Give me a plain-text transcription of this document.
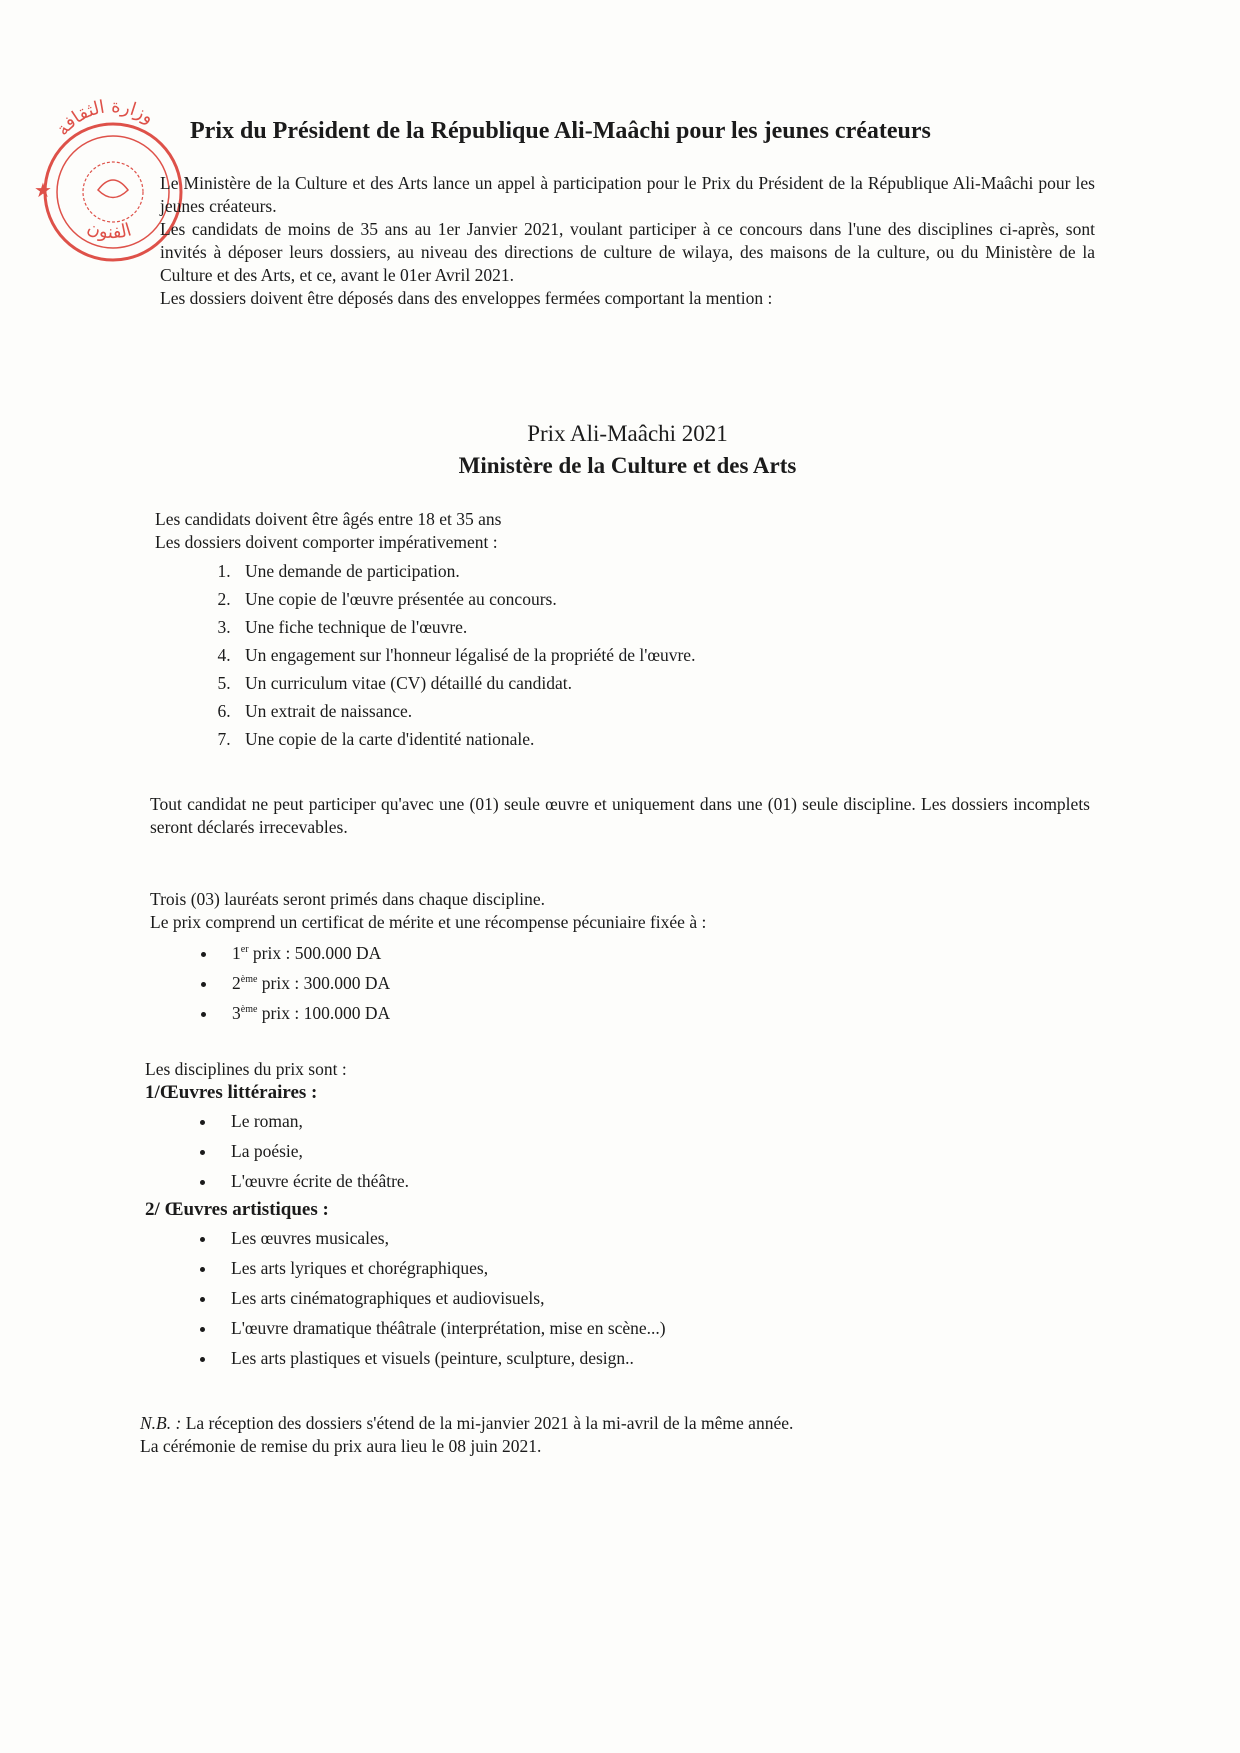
وزارة الثقافة
الفنون
★
Prix du Président de la République Ali-Maâchi pour les jeunes créateurs

Le Ministère de la Culture et des Arts lance un appel à participation pour le Prix du Président de la République Ali-Maâchi pour les jeunes créateurs.

Les candidats de moins de 35 ans au 1er Janvier 2021, voulant participer à ce concours dans l'une des disciplines ci-après, sont invités à déposer leurs dossiers, au niveau des directions de culture de wilaya, des maisons de la culture, ou du Ministère de la Culture et des Arts, et ce, avant le 01er Avril 2021.

Les dossiers doivent être déposés dans des enveloppes fermées comportant la mention :

Prix Ali-Maâchi 2021
Ministère de la Culture et des Arts

Les candidats doivent être âgés entre 18 et 35 ans

Les dossiers doivent comporter impérativement :

1. Une demande de participation.
2. Une copie de l'œuvre présentée au concours.
3. Une fiche technique de l'œuvre.
4. Un engagement sur l'honneur légalisé de la propriété de l'œuvre.
5. Un curriculum vitae (CV) détaillé du candidat.
6. Un extrait de naissance.
7. Une copie de la carte d'identité nationale.
Tout candidat ne peut participer qu'avec une (01) seule œuvre et uniquement dans une (01) seule discipline. Les dossiers incomplets seront déclarés irrecevables.

Trois (03) lauréats seront primés dans chaque discipline.

Le prix comprend un certificat de mérite et une récompense pécuniaire fixée à :

• 1er prix : 500.000 DA
• 2ème prix : 300.000 DA
• 3ème prix : 100.000 DA

Les disciplines du prix sont :

1/Œuvres littéraires :

• Le roman,
• La poésie,
• L'œuvre écrite de théâtre.

2/ Œuvres artistiques :

• Les œuvres musicales,
• Les arts lyriques et chorégraphiques,
• Les arts cinématographiques et audiovisuels,
• L'œuvre dramatique théâtrale (interprétation, mise en scène...)
• Les arts plastiques et visuels (peinture, sculpture, design..

N.B. : La réception des dossiers s'étend de la mi-janvier 2021 à la mi-avril de la même année.

La cérémonie de remise du prix aura lieu le 08 juin 2021.
